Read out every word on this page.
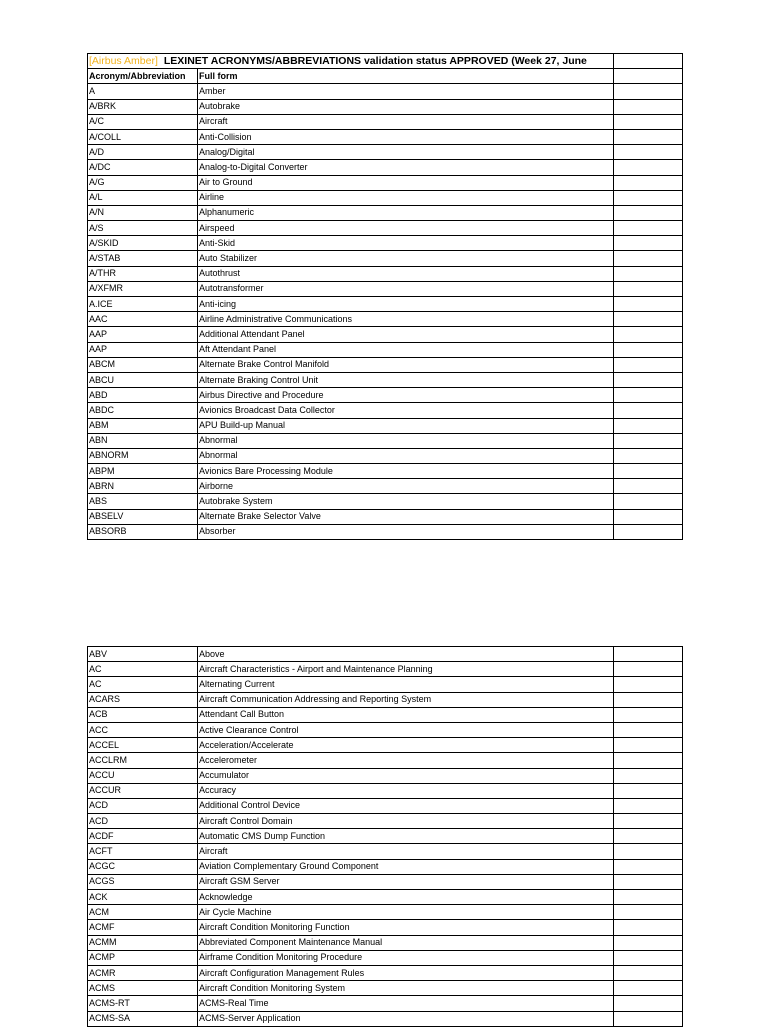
[Airbus Amber] LEXINET ACRONYMS/ABBREVIATIONS validation status APPROVED (Week 27, June		
Acronym/Abbreviation	Full form	
A	Amber	
A/BRK	Autobrake	
A/C	Aircraft	
A/COLL	Anti-Collision	
A/D	Analog/Digital	
A/DC	Analog-to-Digital Converter	
A/G	Air to Ground	
A/L	Airline	
A/N	Alphanumeric	
A/S	Airspeed	
A/SKID	Anti-Skid	
A/STAB	Auto Stabilizer	
A/THR	Autothrust	
A/XFMR	Autotransformer	
A.ICE	Anti-icing	
AAC	Airline Administrative Communications	
AAP	Additional Attendant Panel	
AAP	Aft Attendant Panel	
ABCM	Alternate Brake Control Manifold	
ABCU	Alternate Braking Control Unit	
ABD	Airbus Directive and Procedure	
ABDC	Avionics Broadcast Data Collector	
ABM	APU Build-up Manual	
ABN	Abnormal	
ABNORM	Abnormal	
ABPM	Avionics Bare Processing Module	
ABRN	Airborne	
ABS	Autobrake System	
ABSELV	Alternate Brake Selector Valve	
ABSORB	Absorber	
ABV	Above	
AC	Aircraft Characteristics - Airport and Maintenance Planning	
AC	Alternating Current	
ACARS	Aircraft Communication Addressing and Reporting System	
ACB	Attendant Call Button	
ACC	Active Clearance Control	
ACCEL	Acceleration/Accelerate	
ACCLRM	Accelerometer	
ACCU	Accumulator	
ACCUR	Accuracy	
ACD	Additional Control Device	
ACD	Aircraft Control Domain	
ACDF	Automatic CMS Dump Function	
ACFT	Aircraft	
ACGC	Aviation Complementary Ground Component	
ACGS	Aircraft GSM Server	
ACK	Acknowledge	
ACM	Air Cycle Machine	
ACMF	Aircraft Condition Monitoring Function	
ACMM	Abbreviated Component Maintenance Manual	
ACMP	Airframe Condition Monitoring Procedure	
ACMR	Aircraft Configuration Management Rules	
ACMS	Aircraft Condition Monitoring System	
ACMS-RT	ACMS-Real Time	
ACMS-SA	ACMS-Server Application	
